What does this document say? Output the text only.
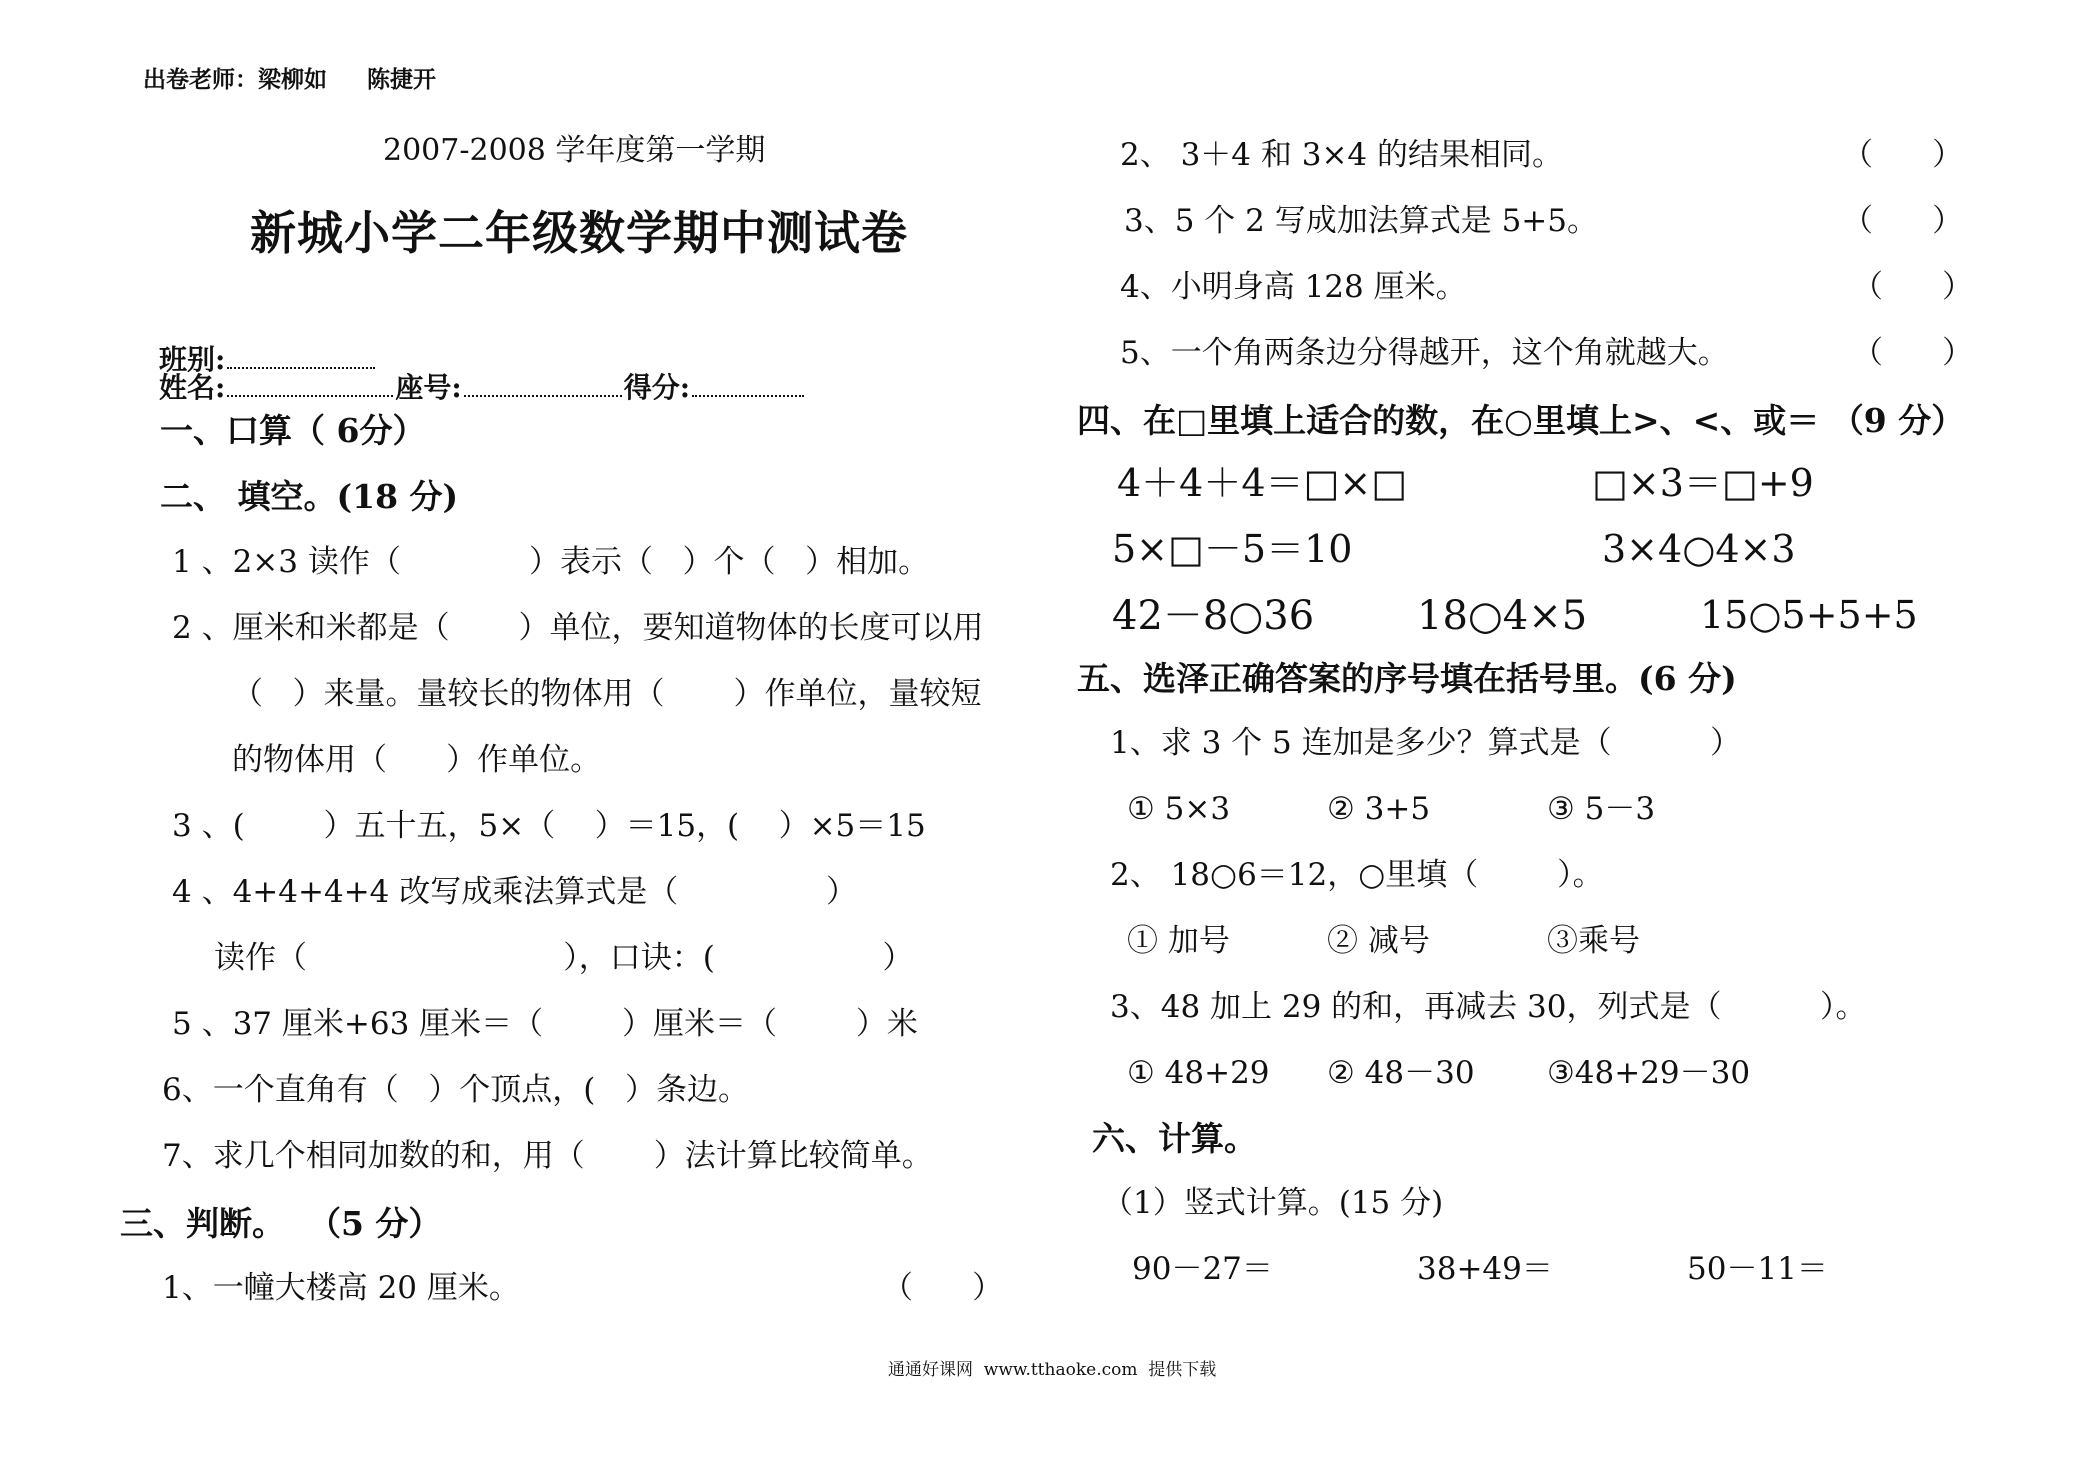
出卷老师：梁柳如     陈捷开
2007-2008 学年度第一学期
新城小学二年级数学期中测试卷

班别:
姓名:	座号:	得分:

一、口算（ 6分）
二、 填空。(18 分)
1 、2×3 读作（             ）表示（   ）个（   ）相加。
2 、厘米和米都是（       ）单位，要知道物体的长度可以用
（   ）来量。量较长的物体用（       ）作单位，量较短
的物体用（      ）作单位。
3 、(        ）五十五，5×（    ）＝15，(    ）×5＝15
4 、4+4+4+4 改写成乘法算式是（               ）
读作（                          ），口诀：(                 ）
5 、37 厘米+63 厘米＝（        ）厘米＝（        ）米
6、一个直角有（   ）个顶点，(   ）条边。
7、求几个相同加数的和，用（       ）法计算比较简单。
三、判断。  （5 分）
1、一幢大楼高 20 厘米。	（      ）
2、 3＋4 和 3×4 的结果相同。	（      ）
3、5 个 2 写成加法算式是 5+5。	（      ）
4、小明身高 128 厘米。	（      ）
5、一个角两条边分得越开，这个角就越大。	（      ）
四、在□里填上适合的数，在○里填上>、<、或＝ （9 分）
4＋4＋4＝□×□	□×3＝□+9
5×□－5＝10	3×4○4×3
42－8○36	18○4×5	15○5+5+5
五、选泽正确答案的序号填在括号里。(6 分)
1、求 3 个 5 连加是多少？算式是（          ）
① 5×3	② 3+5	③ 5－3
2、 18○6＝12，○里填（        ）。
① 加号	② 减号	③乘号
3、48 加上 29 的和，再减去 30，列式是（          ）。
① 48+29 ② 48－30 ③48+29－30
六、计算。
（1）竖式计算。(15 分)
90－27＝	38+49＝	50－11＝
通通好课网  www.tthaoke.com  提供下载
